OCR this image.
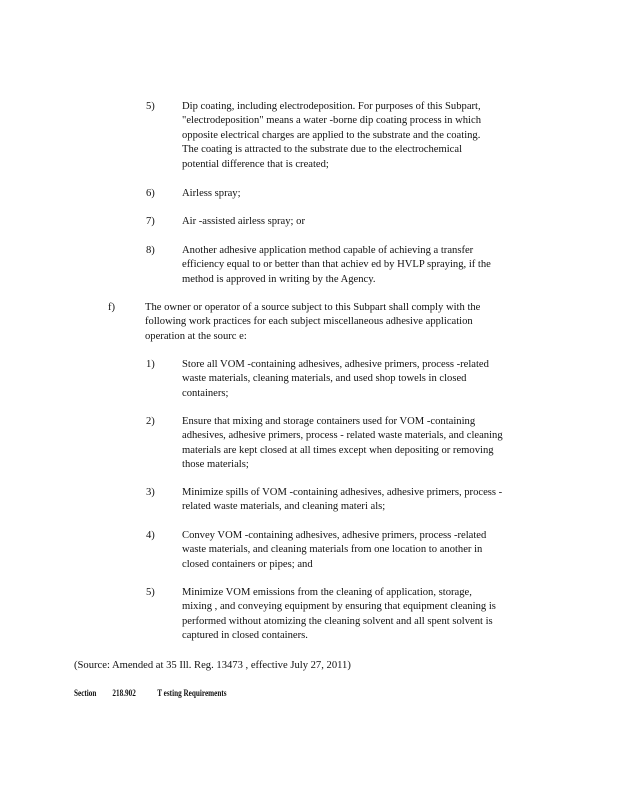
5)	Dip coating, including electrodeposition. For purposes of this Subpart,
"electrodeposition" means a water -borne dip coating process in which
opposite electrical charges are applied to the substrate and the coating.
The coating is attracted to the substrate due to the electrochemical
potential difference that is created;
6)	Airless spray;
7)	Air -assisted airless spray; or
8)	Another adhesive application method capable of achieving a transfer
efficiency equal to or better than that achiev ed by HVLP spraying, if the
method is approved in writing by the Agency.
f)	The owner or operator of a source subject to this Subpart shall comply with the
following work practices for each subject miscellaneous adhesive application
operation at the sourc e:
1)	Store all VOM -containing adhesives, adhesive primers, process -related
waste materials, cleaning materials, and used shop towels in closed
containers;
2)	Ensure that mixing and storage containers used for VOM -containing
adhesives, adhesive primers, process - related waste materials, and cleaning
materials are kept closed at all times except when depositing or removing
those materials;
3)	Minimize spills of VOM -containing adhesives, adhesive primers, process -
related waste materials, and cleaning materi als;
4)	Convey VOM -containing adhesives, adhesive primers, process -related
waste materials, and cleaning materials from one location to another in
closed containers or pipes; and
5)	Minimize VOM emissions from the cleaning of application, storage,
mixing , and conveying equipment by ensuring that equipment cleaning is
performed without atomizing the cleaning solvent and all spent solvent is
captured in closed containers.
(Source: Amended at 35 Ill. Reg. 13473 , effective July 27, 2011)
Section 218.902 T esting Requirements
